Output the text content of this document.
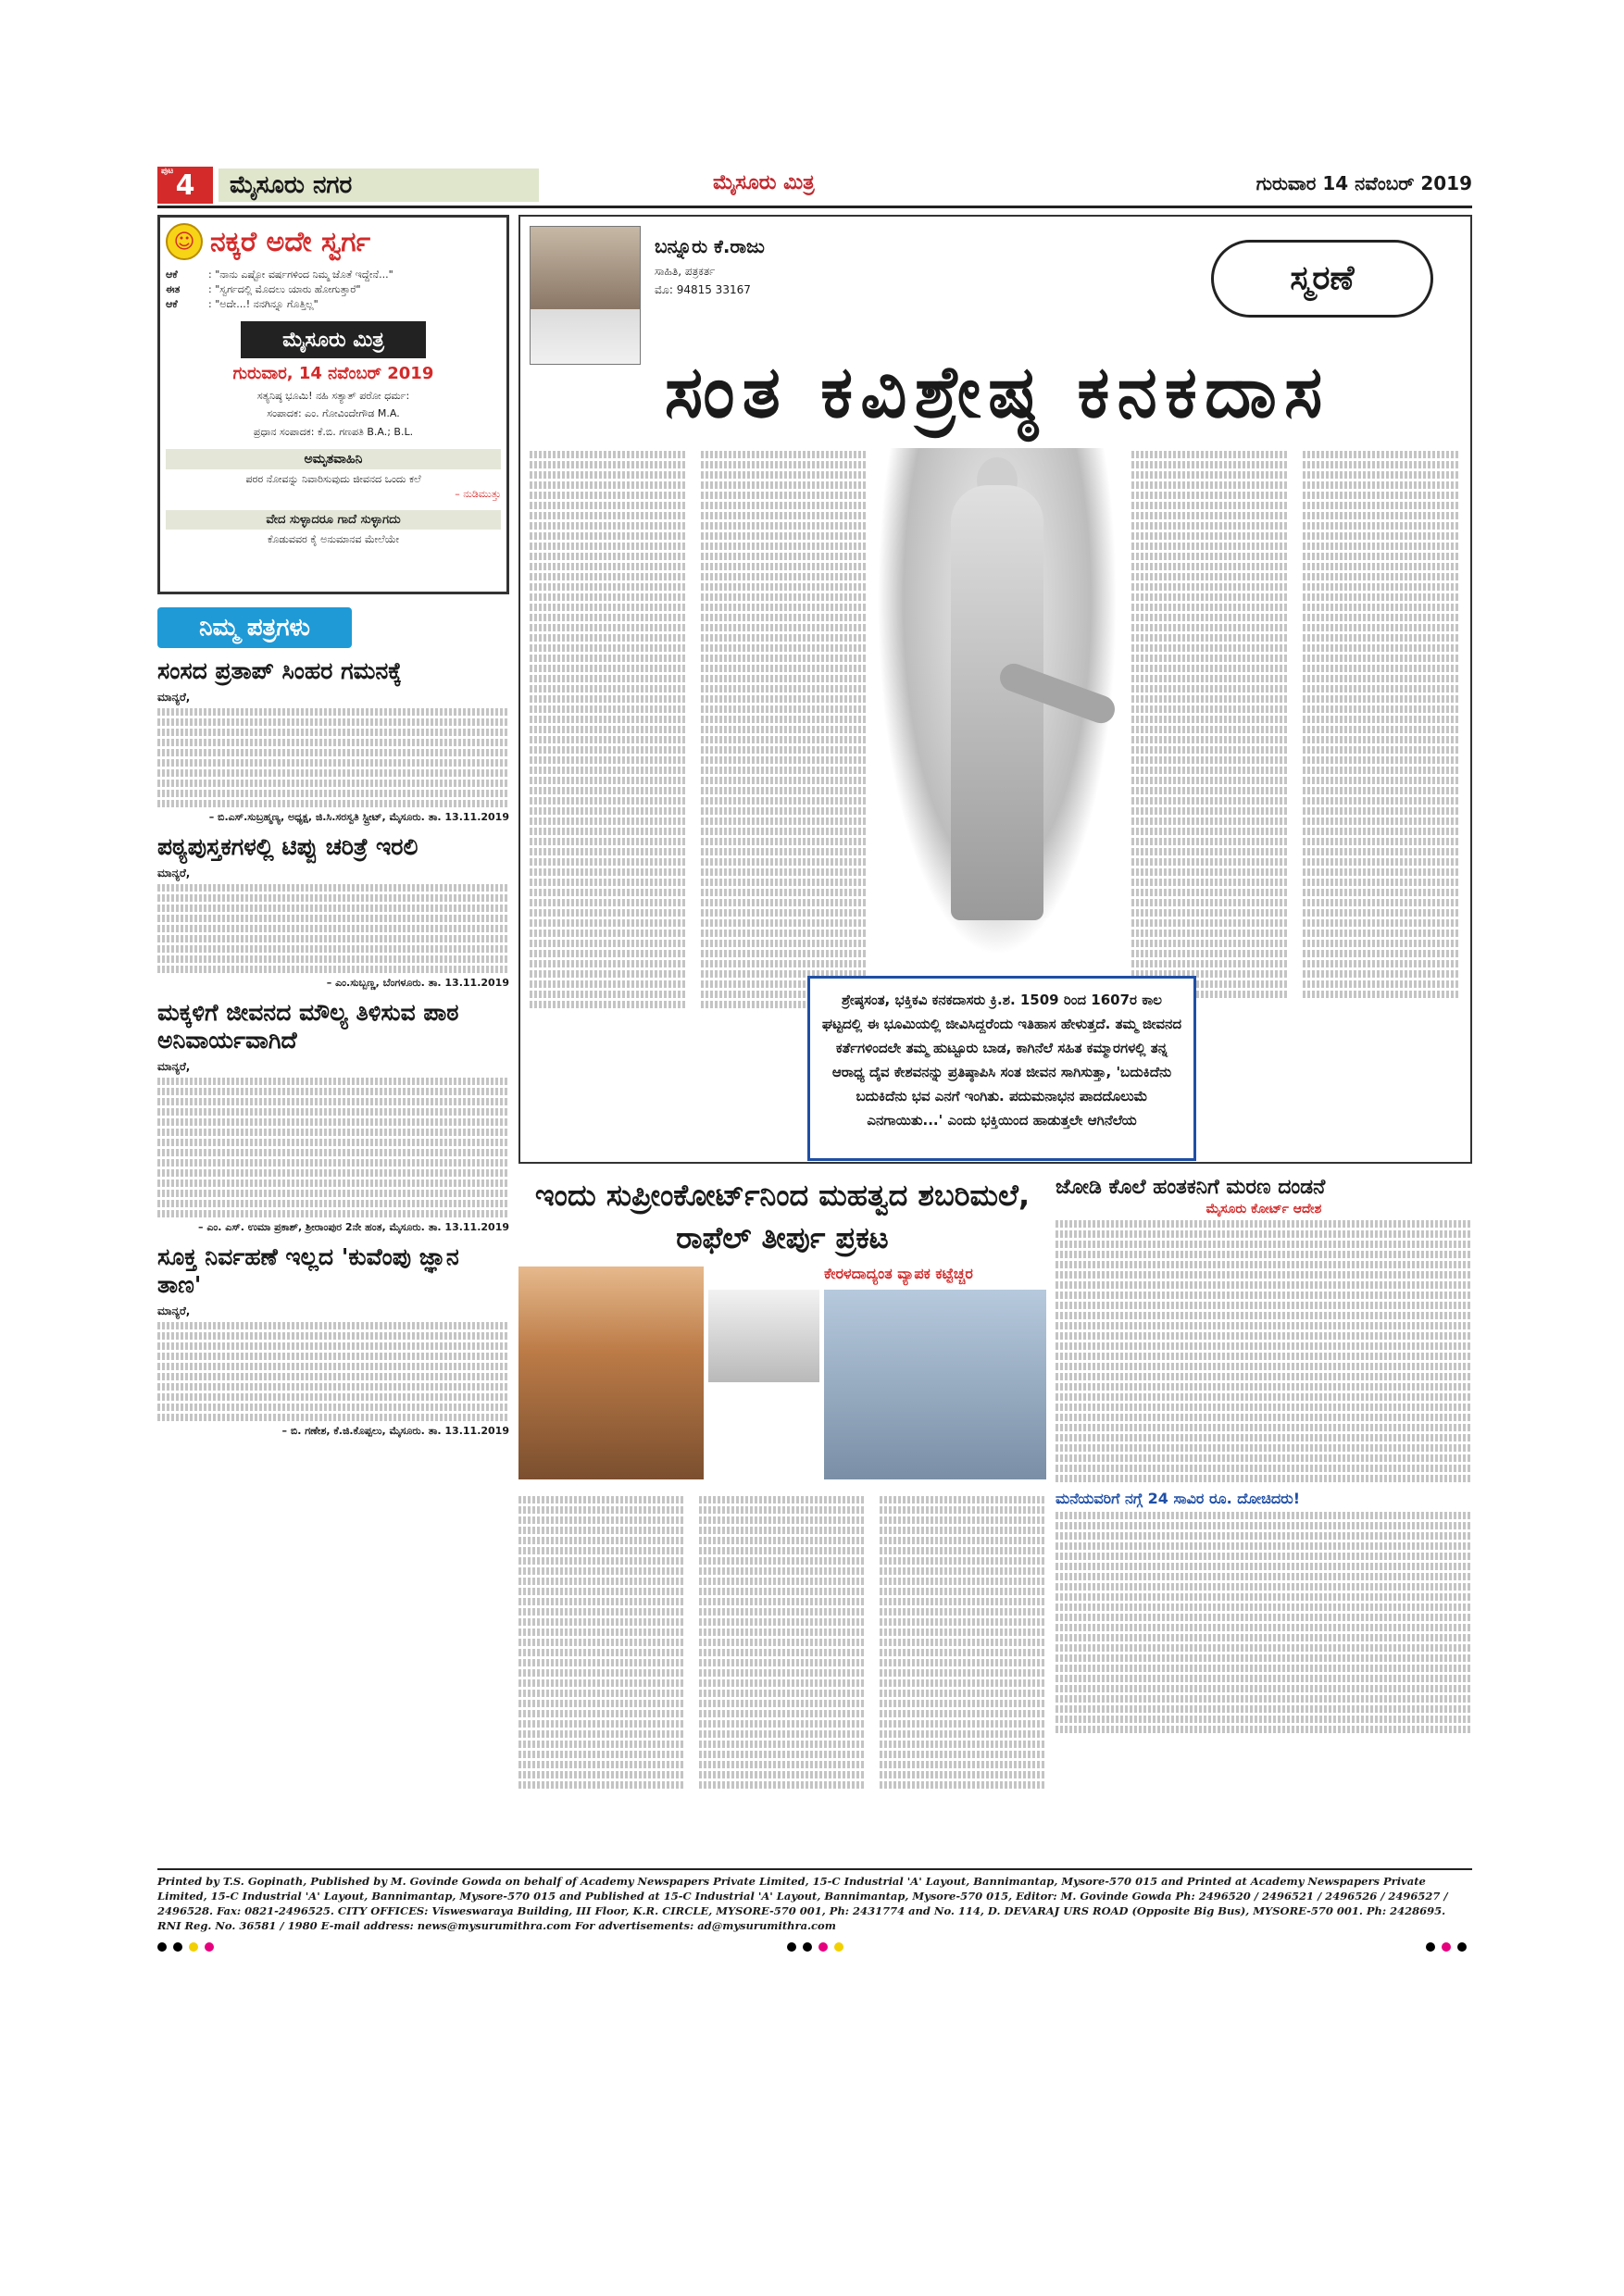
ಪುಟ 4	ಮೈಸೂರು ನಗರ	ಮೈಸೂರು ಮಿತ್ರ	ಗುರುವಾರ 14 ನವೆಂಬರ್ 2019
☺ ನಕ್ಕರೆ ಅದೇ ಸ್ವರ್ಗ
ಆಕೆ	: "ನಾನು ಎಷ್ಟೋ ವರ್ಷಗಳಿಂದ ನಿಮ್ಮ ಜೊತೆ ಇದ್ದೇನೆ..."
ಈತ	: "ಸ್ವರ್ಗದಲ್ಲಿ ಮೊದಲು ಯಾರು ಹೋಗುತ್ತಾರೆ"
ಆಕೆ	: "ಅದೇ...! ನನಗಿನ್ನೂ ಗೊತ್ತಿಲ್ಲ"
ಮೈಸೂರು ಮಿತ್ರ
ಗುರುವಾರ, 14 ನವೆಂಬರ್ 2019
ಸತ್ಯನಿಷ್ಠ ಭೂಮಿ! ನಹಿ ಸತ್ಯಾತ್ ಪರೋ ಧರ್ಮ:
ಸಂಪಾದಕ: ಎಂ. ಗೋವಿಂದೇಗೌಡ M.A.
ಪ್ರಧಾನ ಸಂಪಾದಕ: ಕೆ.ಬಿ. ಗಣಪತಿ B.A.; B.L.
ಅಮೃತವಾಹಿನಿ
ಪರರ ನೋವನ್ನು ನಿವಾರಿಸುವುದು ಜೀವನದ ಒಂದು ಕಲೆ
– ನುಡಿಮುತ್ತು
ವೇದ ಸುಳ್ಳಾದರೂ ಗಾದೆ ಸುಳ್ಳಾಗದು
ಕೊಡುವವರ ಕೈ ಅನುಮಾನವ ಮೇಲೆಯೇ
ನಿಮ್ಮ ಪತ್ರಗಳು
ಸಂಸದ ಪ್ರತಾಪ್ ಸಿಂಹರ ಗಮನಕ್ಕೆ
ಮಾನ್ಯರೆ,
– ಬಿ.ಎಸ್.ಸುಬ್ರಹ್ಮಣ್ಯ, ಅಧ್ಯಕ್ಷ, ಜಿ.ಸಿ.ಸರಸ್ವತಿ ಸ್ಟ್ರೀಟ್, ಮೈಸೂರು. ತಾ. 13.11.2019
ಪಠ್ಯಪುಸ್ತಕಗಳಲ್ಲಿ ಟಿಪ್ಪು ಚರಿತ್ರೆ ಇರಲಿ
ಮಾನ್ಯರೆ,
– ಎಂ.ಸುಬ್ಬಣ್ಣ, ಬೆಂಗಳೂರು. ತಾ. 13.11.2019
ಮಕ್ಕಳಿಗೆ ಜೀವನದ ಮೌಲ್ಯ ತಿಳಿಸುವ ಪಾಠ ಅನಿವಾರ್ಯವಾಗಿದೆ
ಮಾನ್ಯರೆ,
– ಎಂ. ಎಸ್. ಉಮಾ ಪ್ರಕಾಶ್, ಶ್ರೀರಾಂಪುರ 2ನೇ ಹಂತ, ಮೈಸೂರು. ತಾ. 13.11.2019
ಸೂಕ್ತ ನಿರ್ವಹಣೆ ಇಲ್ಲದ 'ಕುವೆಂಪು ಜ್ಞಾನ ತಾಣ'
ಮಾನ್ಯರೆ,
– ಬಿ. ಗಣೇಶ, ಕೆ.ಜಿ.ಕೊಪ್ಪಲು, ಮೈಸೂರು. ತಾ. 13.11.2019
ಬನ್ನೂರು ಕೆ.ರಾಜು
ಸಾಹಿತಿ, ಪತ್ರಕರ್ತ
ಮೊ: 94815 33167	ಸ್ಮರಣೆ
ಸಂತ ಕವಿಶ್ರೇಷ್ಠ ಕನಕದಾಸ
ಶ್ರೇಷ್ಠಸಂತ, ಭಕ್ತಿಕವಿ ಕನಕದಾಸರು ಕ್ರಿ.ಶ. 1509 ರಿಂದ 1607ರ ಕಾಲ ಘಟ್ಟದಲ್ಲಿ ಈ ಭೂಮಿಯಲ್ಲಿ ಜೀವಿಸಿದ್ದರೆಂದು ಇತಿಹಾಸ ಹೇಳುತ್ತದೆ. ತಮ್ಮ ಜೀವನದ ಕರ್ತೆಗಳಿಂದಲೇ ತಮ್ಮ ಹುಟ್ಟೂರು ಬಾಡ, ಕಾಗಿನೆಲೆ ಸಹಿತ ಕಮ್ಮಾರಗಳಲ್ಲಿ ತನ್ನ ಆರಾಧ್ಯ ದೈವ ಕೇಶವನನ್ನು ಪ್ರತಿಷ್ಠಾಪಿಸಿ ಸಂತ ಜೀವನ ಸಾಗಿಸುತ್ತಾ, 'ಬದುಕಿದೆನು ಬದುಕಿದೆನು ಭವ ಎನಗೆ ಇಂಗಿತು. ಪದುಮನಾಭನ ಪಾದದೊಲುಮೆ ಎನಗಾಯಿತು...' ಎಂದು ಭಕ್ತಿಯಿಂದ ಹಾಡುತ್ತಲೇ ಆಗಿನೆಲೆಯ
ಇಂದು ಸುಪ್ರೀಂಕೋರ್ಟ್‌ನಿಂದ ಮಹತ್ವದ ಶಬರಿಮಲೆ, ರಾಫೆಲ್ ತೀರ್ಪು ಪ್ರಕಟ
ಕೇರಳದಾದ್ಯಂತ ವ್ಯಾಪಕ ಕಟ್ಟೆಚ್ಚರ
ಜೋಡಿ ಕೊಲೆ ಹಂತಕನಿಗೆ ಮರಣ ದಂಡನೆ
ಮೈಸೂರು ಕೋರ್ಟ್ ಆದೇಶ
ಮನೆಯವರಿಗೆ ನಗ್ಗೆ 24 ಸಾವಿರ ರೂ. ದೋಚಿದರು!
Printed by T.S. Gopinath, Published by M. Govinde Gowda on behalf of Academy Newspapers Private Limited, 15-C Industrial 'A' Layout, Bannimantap, Mysore-570 015 and Printed at Academy Newspapers Private Limited, 15-C Industrial 'A' Layout, Bannimantap, Mysore-570 015 and Published at 15-C Industrial 'A' Layout, Bannimantap, Mysore-570 015, Editor: M. Govinde Gowda Ph: 2496520 / 2496521 / 2496526 / 2496527 / 2496528. Fax: 0821-2496525. CITY OFFICES: Visweswaraya Building, III Floor, K.R. CIRCLE, MYSORE-570 001, Ph: 2431774 and No. 114, D. DEVARAJ URS ROAD (Opposite Big Bus), MYSORE-570 001. Ph: 2428695. RNI Reg. No. 36581 / 1980 E-mail address: news@mysurumithra.com For advertisements: ad@mysurumithra.com
